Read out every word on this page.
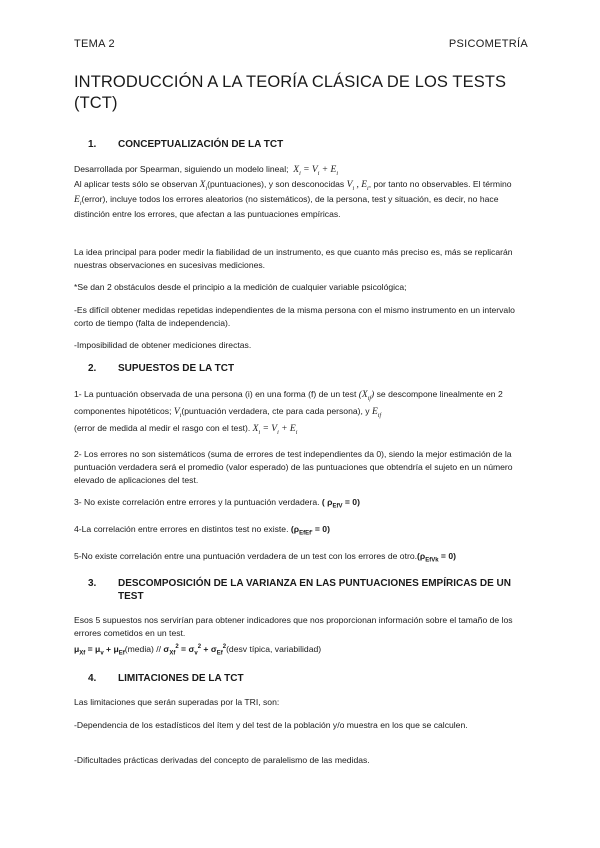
TEMA 2	PSICOMETRÍA
INTRODUCCIÓN A LA TEORÍA CLÁSICA DE LOS TESTS (TCT)
1. CONCEPTUALIZACIÓN DE LA TCT
Desarrollada por Spearman, siguiendo un modelo lineal;  $X_i = V_i + E_i$
Al aplicar tests sólo se observan $X_i(puntuaciones)$, y son desconocidas $V_i$ , $E_i$, por tanto no observables. El término $E_i(error)$, incluye todos los errores aleatorios (no sistemáticos), de la persona, test y situación, es decir, no hace distinción entre los errores, que afectan a las puntuaciones empíricas.
La idea principal para poder medir la fiabilidad de un instrumento, es que cuanto más preciso es, más se replicarán nuestras observaciones en sucesivas mediciones.
*Se dan 2 obstáculos desde el principio a la medición de cualquier variable psicológica;
-Es difícil obtener medidas repetidas independientes de la misma persona con el mismo instrumento en un intervalo corto de tiempo (falta de independencia).
-Imposibilidad de obtener mediciones directas.
2. SUPUESTOS DE LA TCT
1- La puntuación observada de una persona (i) en una forma (f) de un test $(X_{if})$ se descompone linealmente en 2 componentes hipotéticos; $V_i(puntuación$ verdadera, cte para cada persona), y $E_{if}$
(error de medida al medir el rasgo con el test). $X_i = V_i + E_i$
2- Los errores no son sistemáticos (suma de errores de test independientes da 0), siendo la mejor estimación de la puntuación verdadera será el promedio (valor esperado) de las puntuaciones que obtendría el sujeto en un número elevado de aplicaciones del test.
3- No existe correlación entre errores y la puntuación verdadera. ( $\rho_{EfV} = 0$)
4-La correlación entre errores en distintos test no existe. $(\rho_{EfEf'} = 0)$
5-No existe correlación entre una puntuación verdadera de un test con los errores de $otro.(\rho_{EfVk} = 0)$
3. DESCOMPOSICIÓN DE LA VARIANZA EN LAS PUNTUACIONES EMPÍRICAS DE UN TEST
Esos 5 supuestos nos servirían para obtener indicadores que nos proporcionan información sobre el tamaño de los errores cometidos en un test.
$\mu_{Xf} = \mu_v$ + $\mu_{Ef}(media) // \sigma_{Xf}^2 = \sigma_v^2$ + $\sigma_{Ef}^2(desv$ típica, variabilidad)
4. LIMITACIONES DE LA TCT
Las limitaciones que serán superadas por la TRI, son:
-Dependencia de los estadísticos del ítem y del test de la población y/o muestra en los que se calculen.
-Dificultades prácticas derivadas del concepto de paralelismo de las medidas.
